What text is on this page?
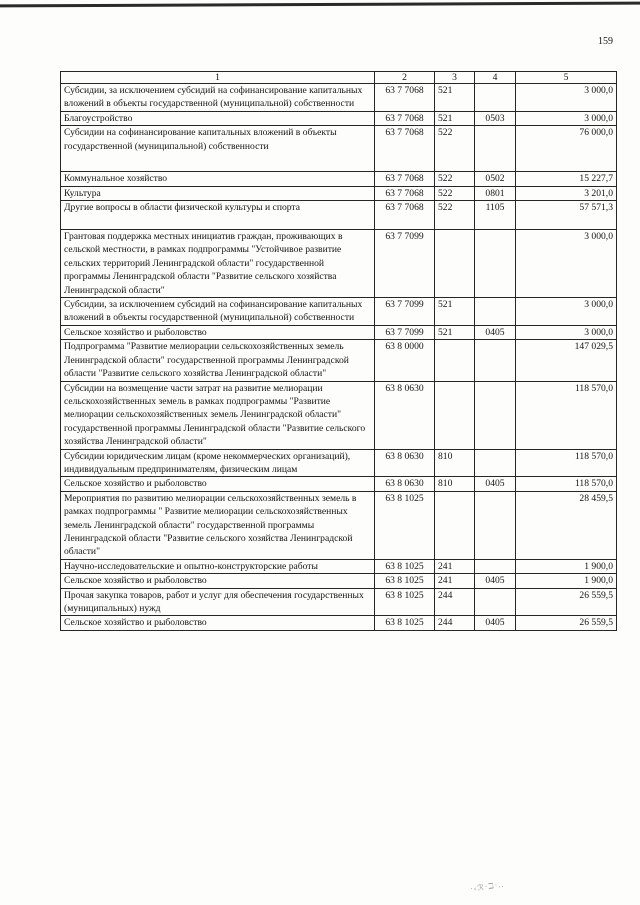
159
1	2	3	4	5
Субсидии, за исключением субсидий на софинансирование капитальных вложений в объекты государственной (муниципальной) собственности	63 7 7068	521		3 000,0
Благоустройство	63 7 7068	521	0503	3 000,0
Субсидии на софинансирование капитальных вложений в объекты государственной (муниципальной) собственности	63 7 7068	522		76 000,0
Коммунальное хозяйство	63 7 7068	522	0502	15 227,7
Культура	63 7 7068	522	0801	3 201,0
Другие вопросы в области физической культуры и спорта	63 7 7068	522	1105	57 571,3
Грантовая поддержка местных инициатив граждан, проживающих в сельской местности, в рамках подпрограммы "Устойчивое развитие сельских территорий Ленинградской области" государственной программы Ленинградской области "Развитие сельского хозяйства Ленинградской области"	63 7 7099			3 000,0
Субсидии, за исключением субсидий на софинансирование капитальных вложений в объекты государственной (муниципальной) собственности	63 7 7099	521		3 000,0
Сельское хозяйство и рыболовство	63 7 7099	521	0405	3 000,0
Подпрограмма "Развитие мелиорации сельскохозяйственных земель Ленинградской области" государственной программы Ленинградской области "Развитие сельского хозяйства Ленинградской области"	63 8 0000			147 029,5
Субсидии на возмещение части затрат на развитие мелиорации сельскохозяйственных земель в рамках подпрограммы "Развитие мелиорации сельскохозяйственных земель Ленинградской области" государственной программы Ленинградской области "Развитие сельского хозяйства Ленинградской области"	63 8 0630			118 570,0
Субсидии юридическим лицам (кроме некоммерческих организаций), индивидуальным предпринимателям, физическим лицам	63 8 0630	810		118 570,0
Сельское хозяйство и рыболовство	63 8 0630	810	0405	118 570,0
Мероприятия по развитию мелиорации сельскохозяйственных земель в рамках подпрограммы " Развитие мелиорации сельскохозяйственных земель Ленинградской области" государственной программы Ленинградской области "Развитие сельского хозяйства Ленинградской области"	63 8 1025			28 459,5
Научно-исследовательские и опытно-конструкторские работы	63 8 1025	241		1 900,0
Сельское хозяйство и рыболовство	63 8 1025	241	0405	1 900,0
Прочая закупка товаров, работ и услуг для обеспечения государственных (муниципальных) нужд	63 8 1025	244		26 559,5
Сельское хозяйство и рыболовство	63 8 1025	244	0405	26 559,5
·‹ℛ·ℶ·..
